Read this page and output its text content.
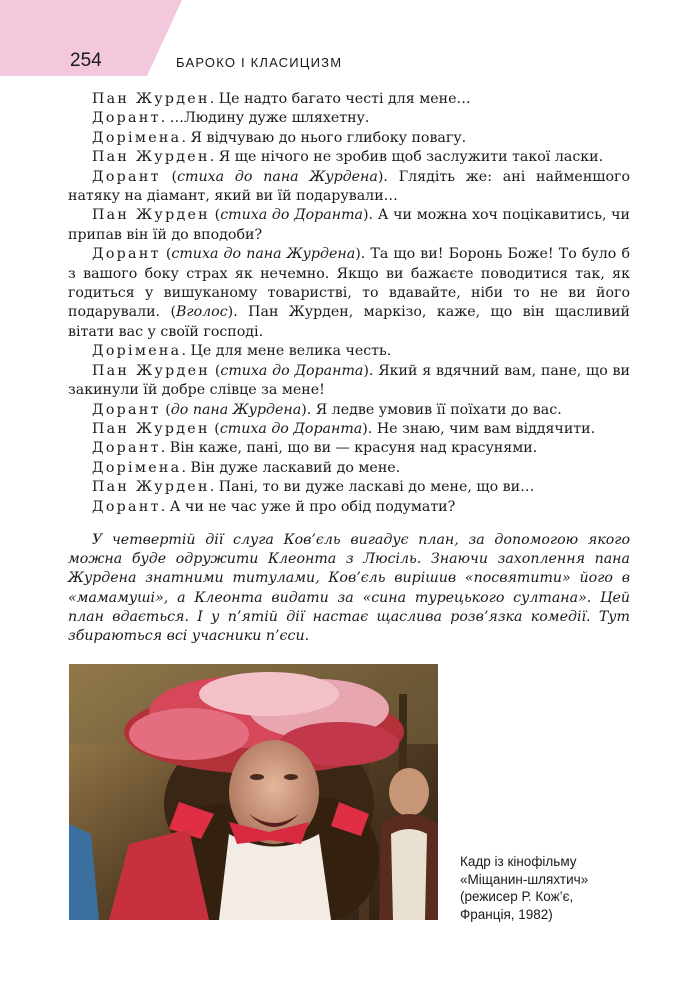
254	БАРОКО І КЛАСИЦИЗМ

Пан Журден. Це надто багато честі для мене…

Дорант. …Людину дуже шляхетну.

Дорімена. Я відчуваю до нього глибоку повагу.

Пан Журден. Я ще нічого не зробив щоб заслужити такої ласки.

Дорант (стиха до пана Журдена). Глядіть же: ані найменшого натяку на діамант, який ви їй подарували…

Пан Журден (стиха до Доранта). А чи можна хоч поцікавитись, чи припав він їй до вподоби?

Дорант (стиха до пана Журдена). Та що ви! Боронь Боже! То було б з вашого боку страх як нечемно. Якщо ви бажаєте поводитися так, як годиться у вишуканому товаристві, то вдавайте, ніби то не ви його подарували. (Вголос). Пан Журден, маркізо, каже, що він щасливий вітати вас у своїй господі.

Дорімена. Це для мене велика честь.

Пан Журден (стиха до Доранта). Який я вдячний вам, пане, що ви закинули їй добре слівце за мене!

Дорант (до пана Журдена). Я ледве умовив її поїхати до вас.

Пан Журден (стиха до Доранта). Не знаю, чим вам віддячити.

Дорант. Він каже, пані, що ви — красуня над красунями.

Дорімена. Він дуже ласкавий до мене.

Пан Журден. Пані, то ви дуже ласкаві до мене, що ви…

Дорант. А чи не час уже й про обід подумати?

У четвертій дії слуга Ков’єль вигадує план, за допомогою якого можна буде одружити Клеонта з Люсіль. Знаючи захоплення пана Журдена знатними титулами, Ков’єль вирішив «посвятити» його в «мамамуші», а Клеонта видати за «сина турецького султана». Цей план вдається. І у п’ятій дії настає щаслива розв’язка комедії. Тут збираються всі учасники п’єси.
Кадр із кінофільму
«Міщанин-шляхтич»
(режисер Р. Кож’є,
Франція, 1982)
